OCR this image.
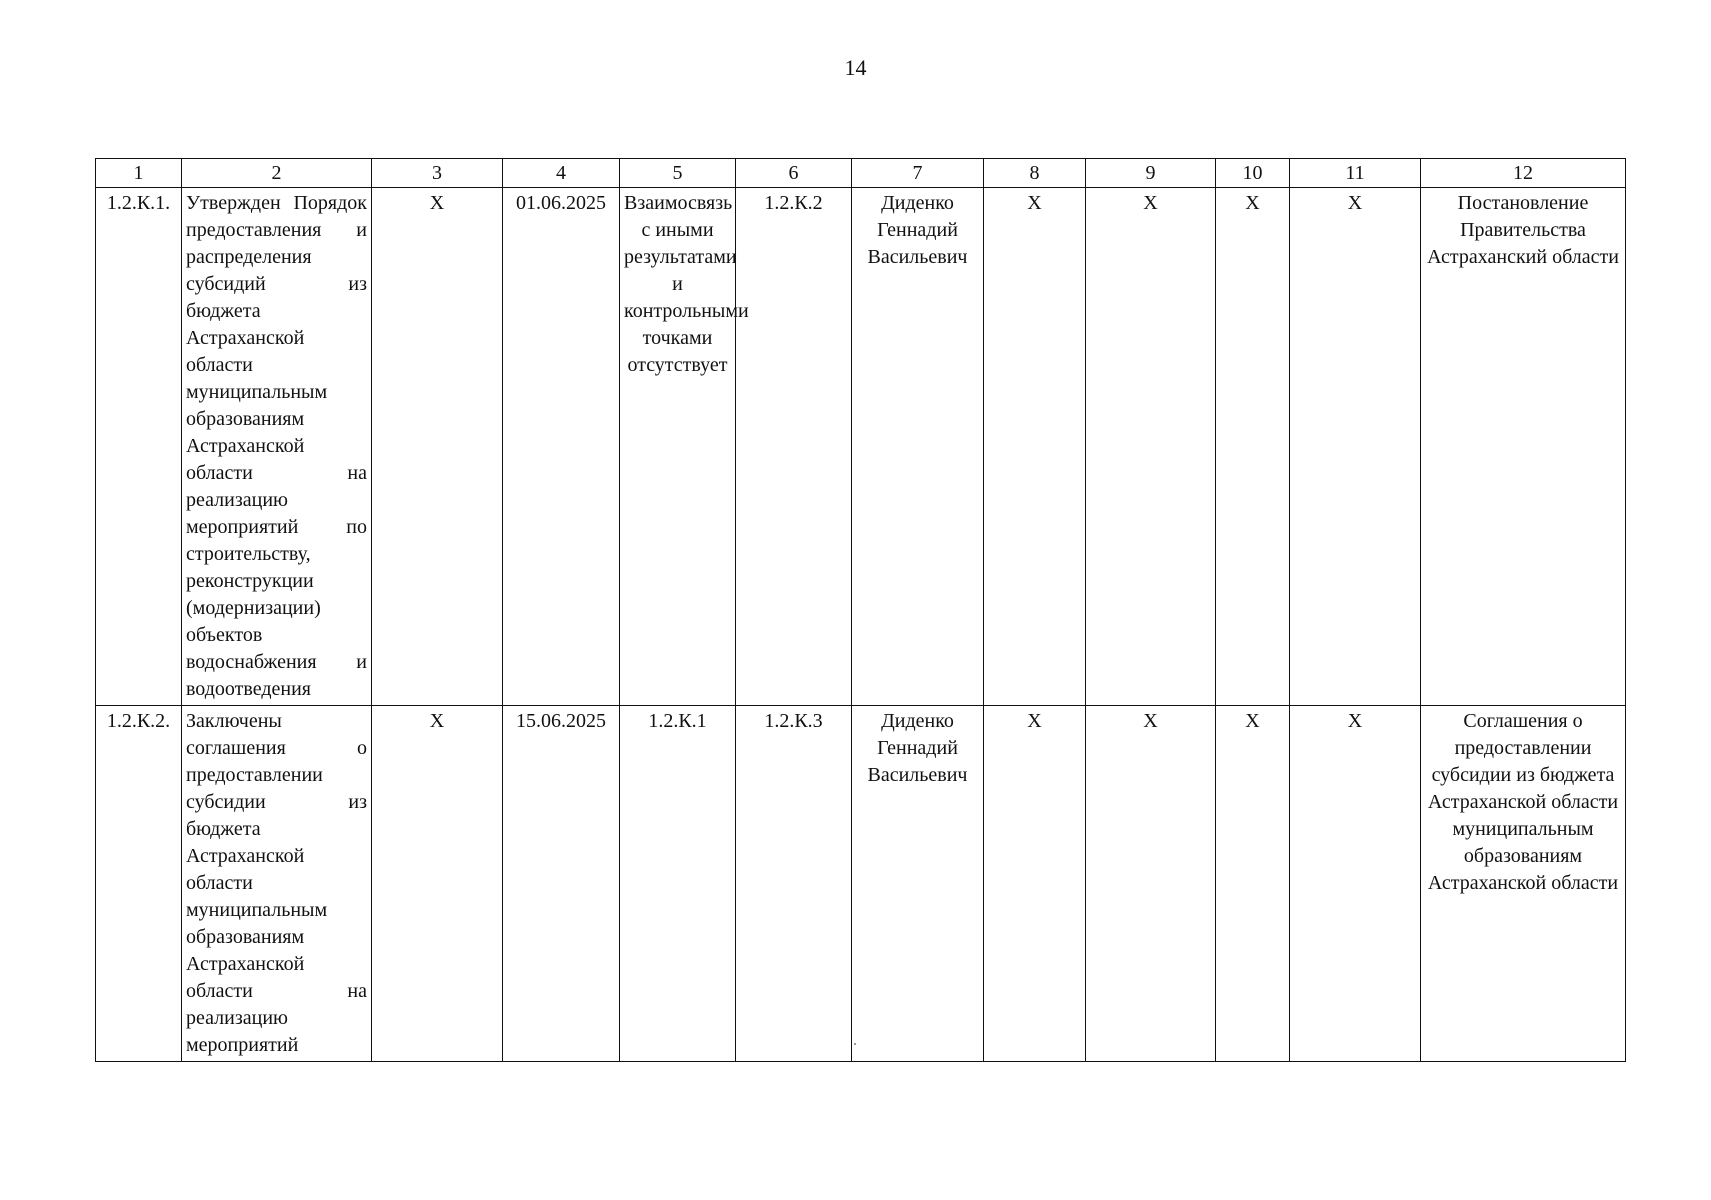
14
1	2	3	4	5	6	7	8	9	10	11	12
1.2.К.1.	Утвержден Порядок предоставления и распределения субсидий из бюджета Астраханской области муниципальным образованиям Астраханской области на реализацию мероприятий по строительству, реконструкции (модернизации) объектов водоснабжения и водоотведения	Х	01.06.2025	Взаимосвязь с иными результатами и контрольными точками отсутствует	1.2.К.2	Диденко Геннадий Васильевич	Х	Х	Х	Х	Постановление Правительства Астраханский области
1.2.К.2.	Заключены соглашения о предоставлении субсидии из бюджета Астраханской области муниципальным образованиям Астраханской области на реализацию мероприятий	Х	15.06.2025	1.2.К.1	1.2.К.3	Диденко Геннадий Васильевич	Х	Х	Х	Х	Соглашения о предоставлении субсидии из бюджета Астраханской области муниципальным образованиям Астраханской области
